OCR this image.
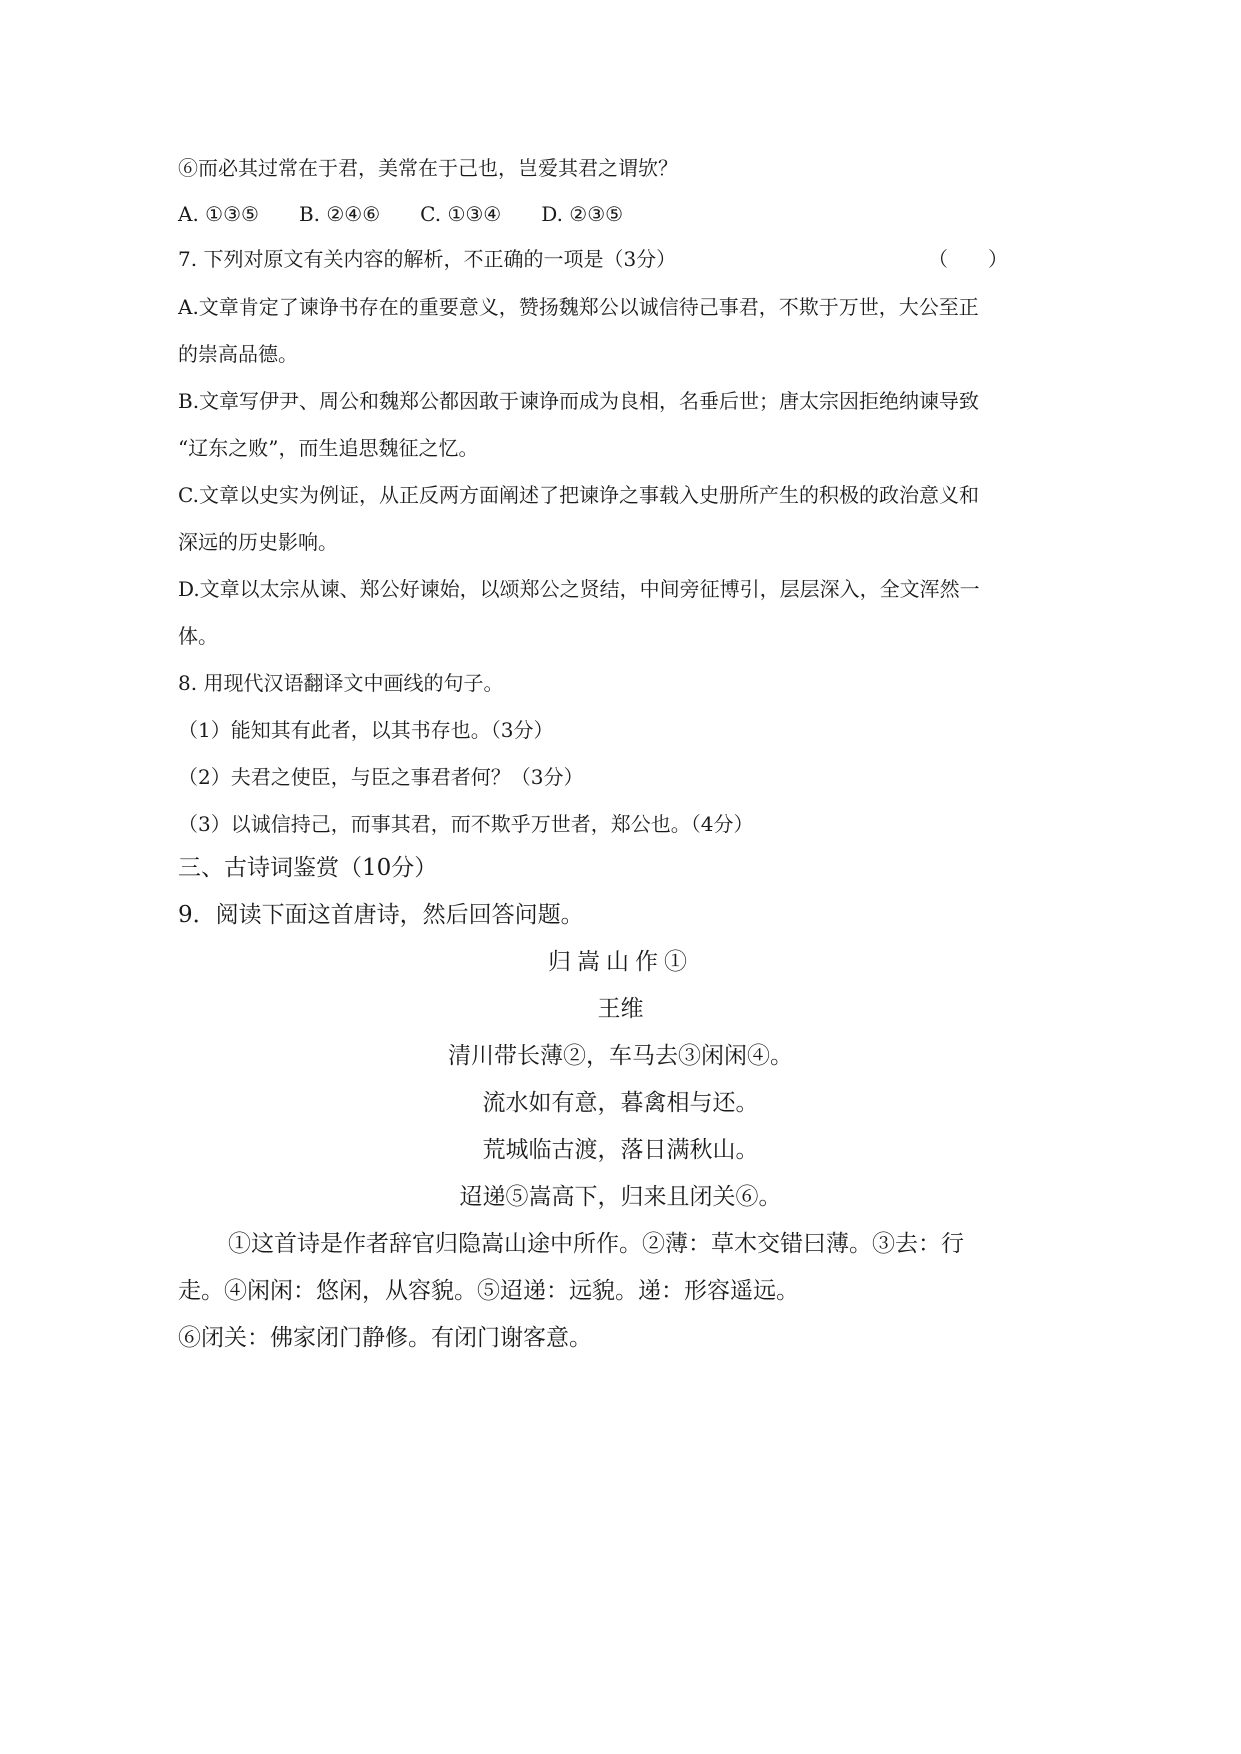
⑥而必其过常在于君，美常在于己也，岂爱其君之谓欤？
A. ①③⑤　　B. ②④⑥　　C. ①③④　　D. ②③⑤
7. 下列对原文有关内容的解析，不正确的一项是（3分）	（　　）
A.文章肯定了谏诤书存在的重要意义，赞扬魏郑公以诚信待己事君，不欺于万世，大公至正
的崇高品德。
B.文章写伊尹、周公和魏郑公都因敢于谏诤而成为良相，名垂后世；唐太宗因拒绝纳谏导致
“辽东之败”，而生追思魏征之忆。
C.文章以史实为例证，从正反两方面阐述了把谏诤之事载入史册所产生的积极的政治意义和
深远的历史影响。
D.文章以太宗从谏、郑公好谏始，以颂郑公之贤结，中间旁征博引，层层深入，全文浑然一
体。
8. 用现代汉语翻译文中画线的句子。
（1）能知其有此者，以其书存也。（3分）
（2）夫君之使臣，与臣之事君者何？（3分）
（3）以诚信持己，而事其君，而不欺乎万世者，郑公也。（4分）
三、古诗词鉴赏（10分）
9．阅读下面这首唐诗，然后回答问题。
归嵩山作①
王维
清川带长薄②，车马去③闲闲④。
流水如有意，暮禽相与还。
荒城临古渡，落日满秋山。
迢递⑤嵩高下，归来且闭关⑥。
①这首诗是作者辞官归隐嵩山途中所作。②薄：草木交错曰薄。③去：行
走。④闲闲：悠闲，从容貌。⑤迢递：远貌。递：形容遥远。
⑥闭关：佛家闭门静修。有闭门谢客意。
